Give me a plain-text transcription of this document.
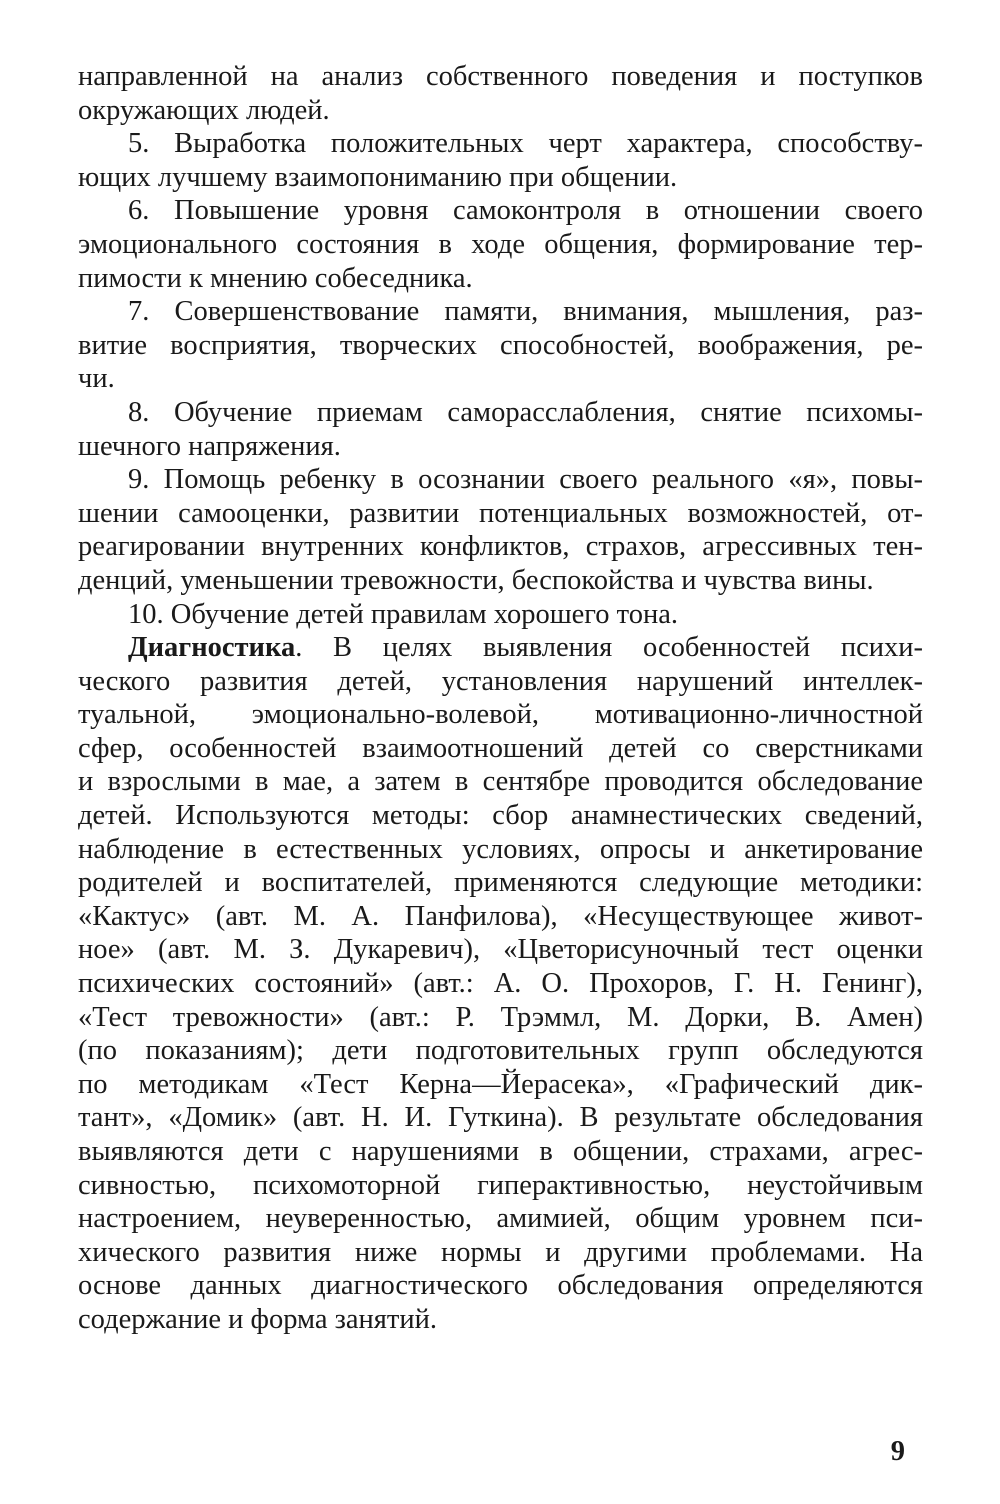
направленной на анализ собственного поведения и поступков
окружающих людей.
5. Выработка положительных черт характера, способству-
ющих лучшему взаимопониманию при общении.
6. Повышение уровня самоконтроля в отношении своего
эмоционального состояния в ходе общения, формирование тер-
пимости к мнению собеседника.
7. Совершенствование памяти, внимания, мышления, раз-
витие восприятия, творческих способностей, воображения, ре-
чи.
8. Обучение приемам саморасслабления, снятие психомы-
шечного напряжения.
9. Помощь ребенку в осознании своего реального «я», повы-
шении самооценки, развитии потенциальных возможностей, от-
реагировании внутренних конфликтов, страхов, агрессивных тен-
денций, уменьшении тревожности, беспокойства и чувства вины.
10. Обучение детей правилам хорошего тона.
Диагностика. В целях выявления особенностей психи-
ческого развития детей, установления нарушений интеллек-
туальной, эмоционально-волевой, мотивационно-личностной
сфер, особенностей взаимоотношений детей со сверстниками
и взрослыми в мае, а затем в сентябре проводится обследование
детей. Используются методы: сбор анамнестических сведений,
наблюдение в естественных условиях, опросы и анкетирование
родителей и воспитателей, применяются следующие методики:
«Кактус» (авт. М. А. Панфилова), «Несуществующее живот-
ное» (авт. М. З. Дукаревич), «Цветорисуночный тест оценки
психических состояний» (авт.: А. О. Прохоров, Г. Н. Генинг),
«Тест тревожности» (авт.: Р. Трэммл, М. Дорки, В. Амен)
(по показаниям); дети подготовительных групп обследуются
по методикам «Тест Керна—Йерасека», «Графический дик-
тант», «Домик» (авт. Н. И. Гуткина). В результате обследования
выявляются дети с нарушениями в общении, страхами, агрес-
сивностью, психомоторной гиперактивностью, неустойчивым
настроением, неуверенностью, амимией, общим уровнем пси-
хического развития ниже нормы и другими проблемами. На
основе данных диагностического обследования определяются
содержание и форма занятий.
9
